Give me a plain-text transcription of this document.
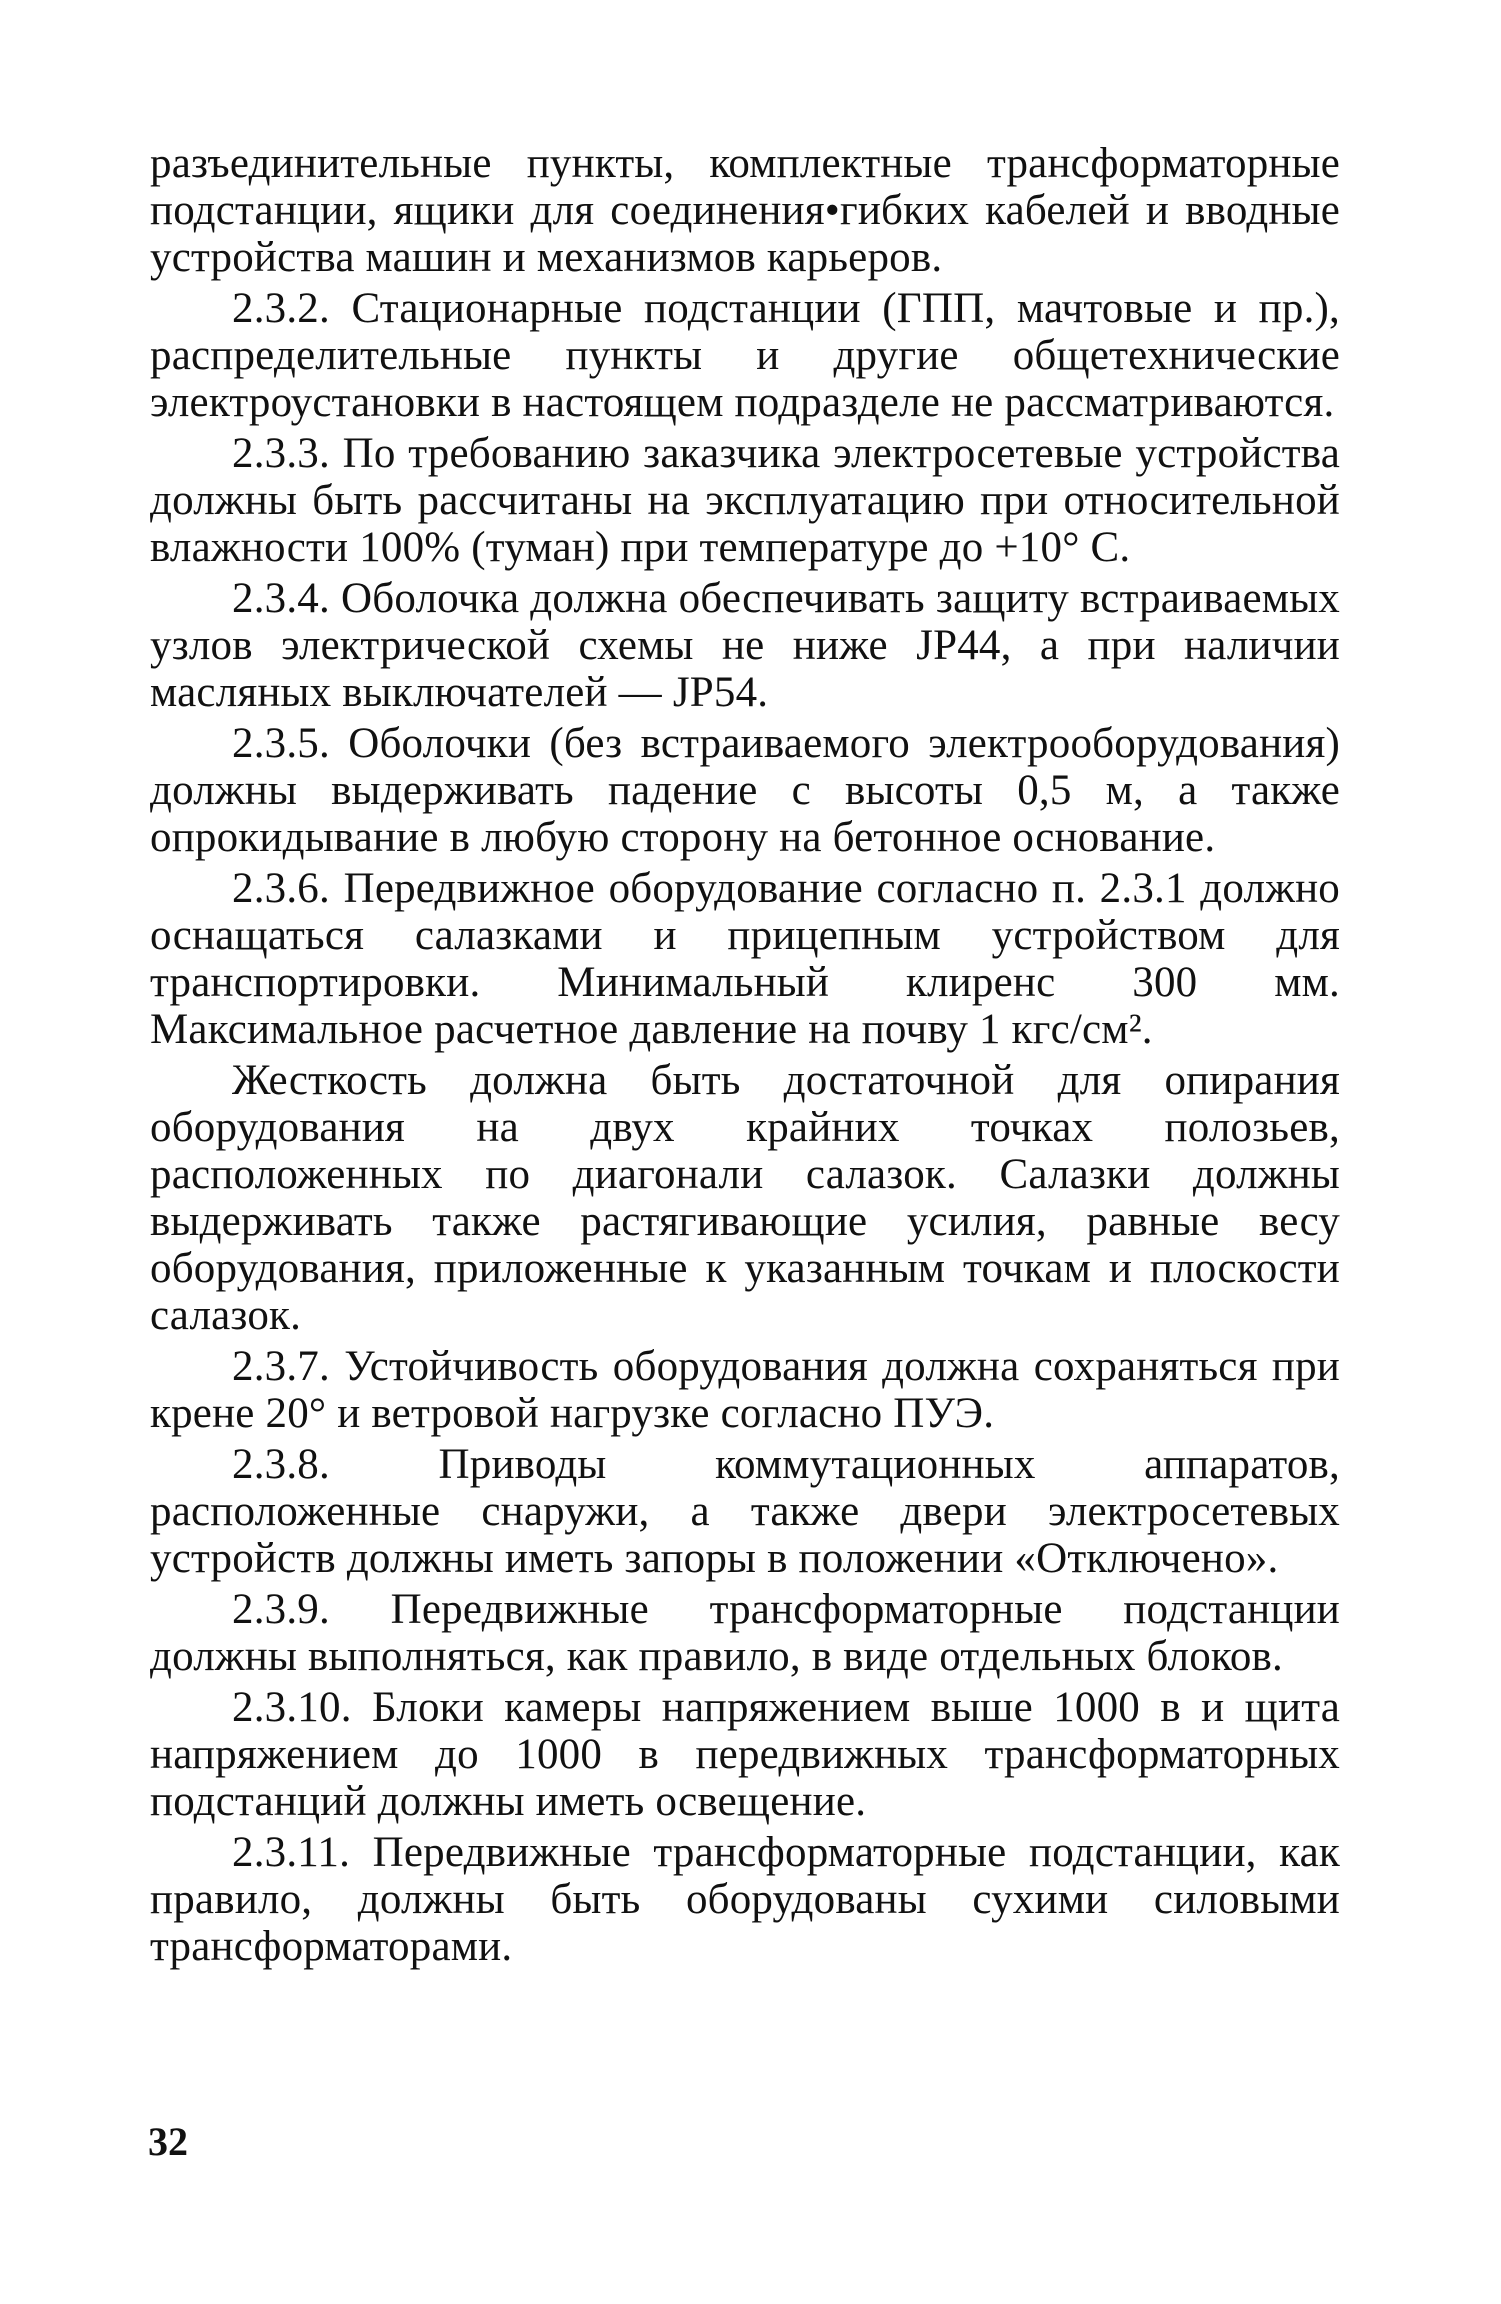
разъединительные пункты, комплектные трансформаторные подстанции, ящики для соединения•гибких кабелей и вводные устройства машин и механизмов карьеров.

2.3.2. Стационарные подстанции (ГПП, мачтовые и пр.), распределительные пункты и другие общетехнические электроустановки в настоящем подразделе не рассматриваются.

2.3.3. По требованию заказчика электросетевые устройства должны быть рассчитаны на эксплуатацию при относительной влажности 100% (туман) при температуре до +10° С.

2.3.4. Оболочка должна обеспечивать защиту встраиваемых узлов электрической схемы не ниже JP44, а при наличии масляных выключателей — JP54.

2.3.5. Оболочки (без встраиваемого электрооборудования) должны выдерживать падение с высоты 0,5 м, а также опрокидывание в любую сторону на бетонное основание.

2.3.6. Передвижное оборудование согласно п. 2.3.1 должно оснащаться салазками и прицепным устройством для транспортировки. Минимальный клиренс 300 мм. Максимальное расчетное давление на почву 1 кгс/см².

Жесткость должна быть достаточной для опирания оборудования на двух крайних точках полозьев, расположенных по диагонали салазок. Салазки должны выдерживать также растягивающие усилия, равные весу оборудования, приложенные к указанным точкам и плоскости салазок.

2.3.7. Устойчивость оборудования должна сохраняться при крене 20° и ветровой нагрузке согласно ПУЭ.

2.3.8. Приводы коммутационных аппаратов, расположенные снаружи, а также двери электросетевых устройств должны иметь запоры в положении «Отключено».

2.3.9. Передвижные трансформаторные подстанции должны выполняться, как правило, в виде отдельных блоков.

2.3.10. Блоки камеры напряжением выше 1000 в и щита напряжением до 1000 в передвижных трансформаторных подстанций должны иметь освещение.

2.3.11. Передвижные трансформаторные подстанции, как правило, должны быть оборудованы сухими силовыми трансформаторами.

32
